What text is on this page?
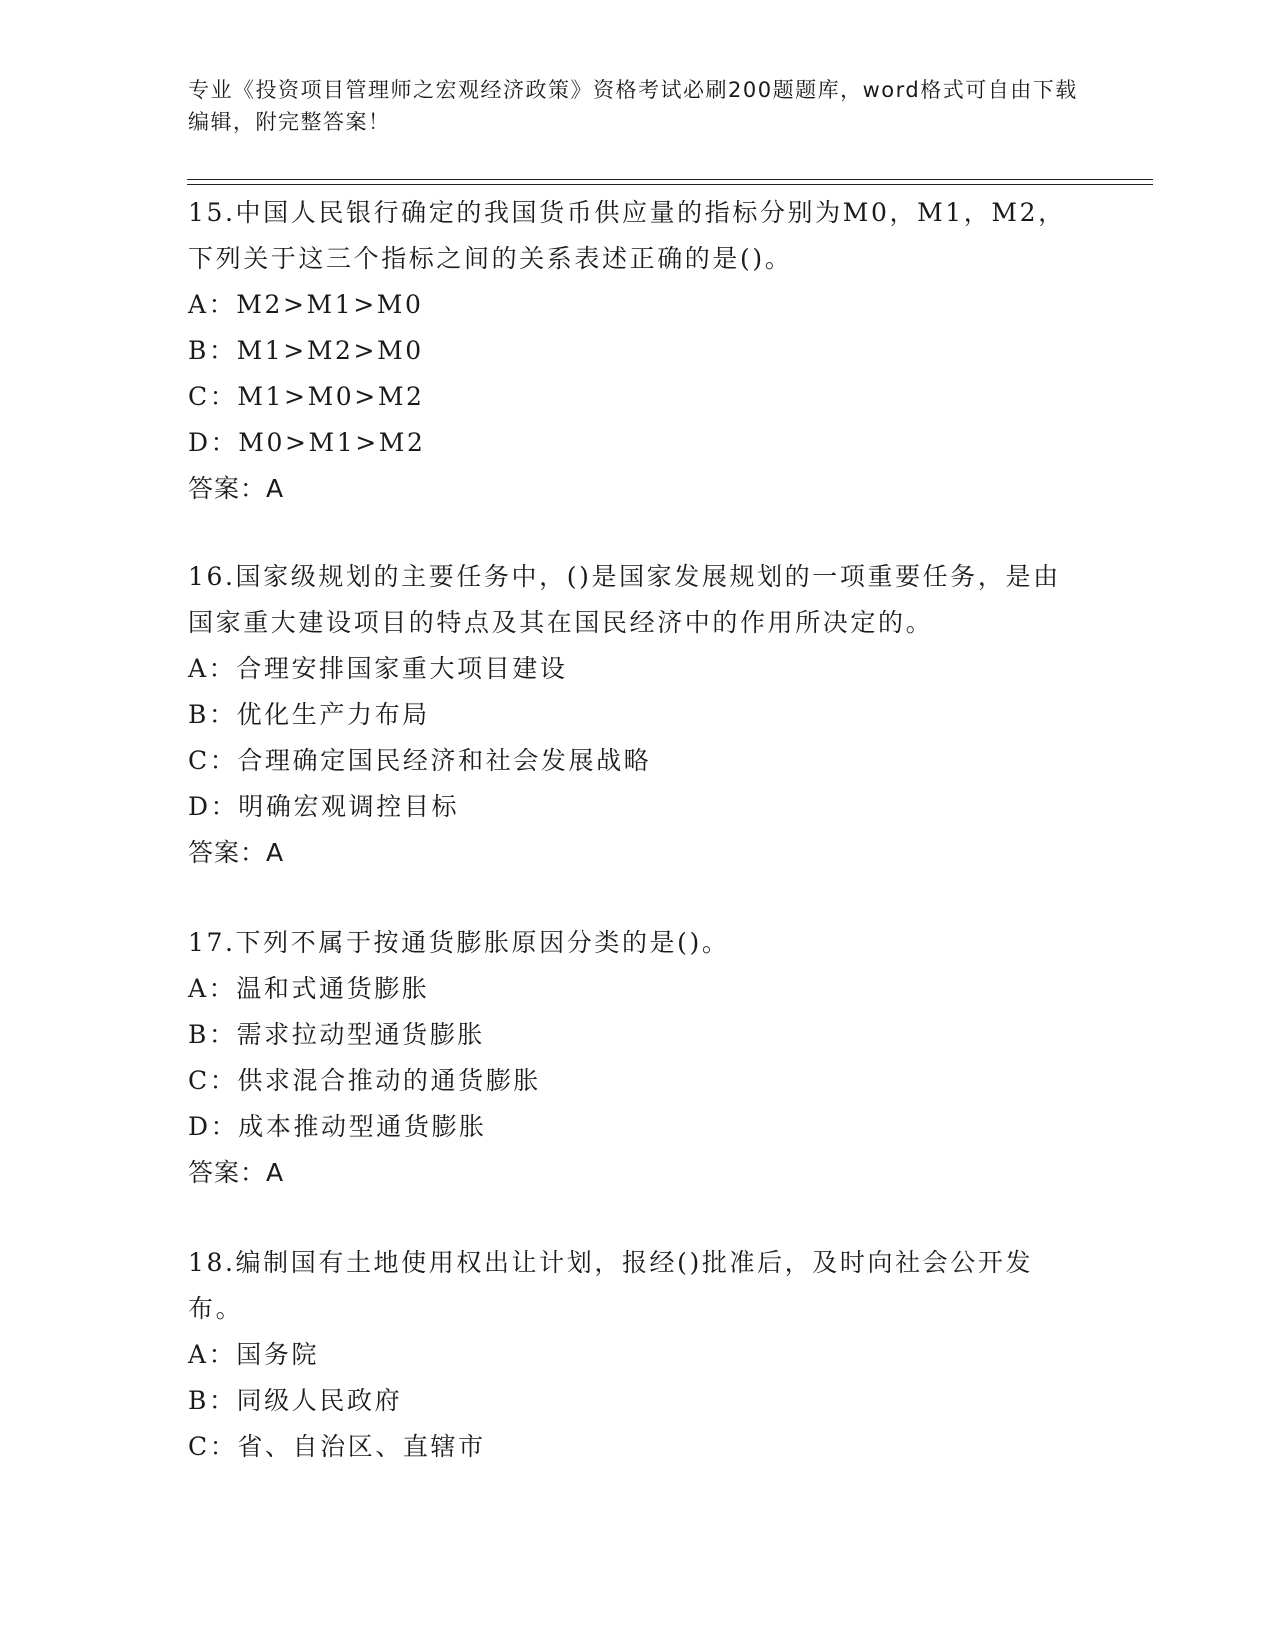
专业《投资项目管理师之宏观经济政策》资格考试必刷200题题库，word格式可自由下载编辑，附完整答案！

15.中国人民银行确定的我国货币供应量的指标分别为M0，M1，M2，下列关于这三个指标之间的关系表述正确的是()。

A：M2>M1>M0
B：M1>M2>M0
C：M1>M0>M2
D：M0>M1>M2
答案：A

16.国家级规划的主要任务中，()是国家发展规划的一项重要任务，是由国家重大建设项目的特点及其在国民经济中的作用所决定的。

A：合理安排国家重大项目建设
B：优化生产力布局
C：合理确定国民经济和社会发展战略
D：明确宏观调控目标
答案：A

17.下列不属于按通货膨胀原因分类的是()。

A：温和式通货膨胀
B：需求拉动型通货膨胀
C：供求混合推动的通货膨胀
D：成本推动型通货膨胀
答案：A

18.编制国有土地使用权出让计划，报经()批准后，及时向社会公开发布。

A：国务院
B：同级人民政府
C：省、自治区、直辖市
